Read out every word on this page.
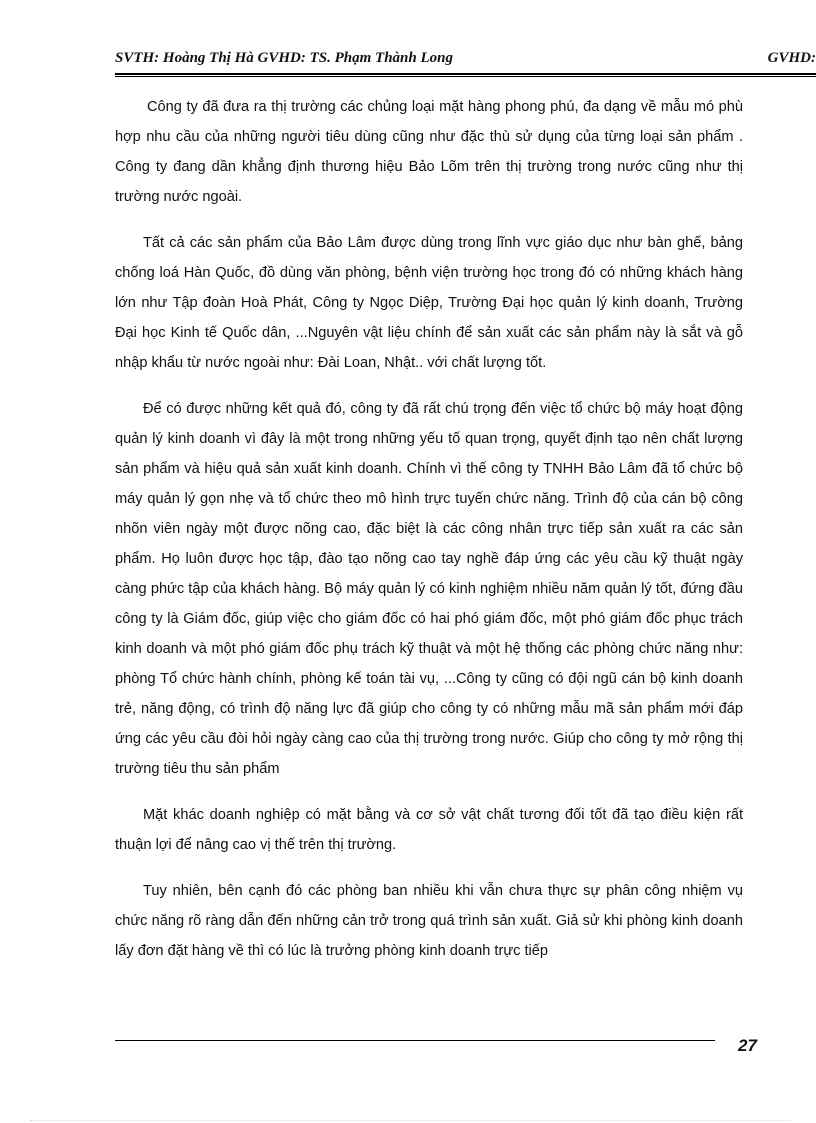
SVTH: Hoàng Thị Hà GVHD: TS. Phạm Thành Long	GVHD:

Công ty đã đưa ra thị trường các chủng loại mặt hàng phong phú, đa dạng về mẫu mó phù hợp nhu cầu của những người tiêu dùng cũng như đặc thù sử dụng của từng loại sản phẩm . Công ty đang dần khẳng định thương hiệu Bảo Lõm trên thị trường trong nước cũng như thị trường nước ngoài.

Tất cả các sản phẩm của Bảo Lâm được dùng trong lĩnh vực giáo dục như bàn ghế, bảng chống loá Hàn Quốc, đồ dùng văn phòng, bệnh viện trường học trong đó có những khách hàng lớn như Tập đoàn Hoà Phát, Công ty Ngọc Diệp, Trường Đại học quản lý kinh doanh, Trường Đại học Kinh tế Quốc dân, ...Nguyên vật liệu chính để sản xuất các sản phẩm này là sắt và gỗ nhập khẩu từ nước ngoài như: Đài Loan, Nhật.. với chất lượng tốt.

Để có được những kết quả đó, công ty đã rất chú trọng đến việc tổ chức bộ máy hoạt động quản lý kinh doanh vì đây là một trong những yếu tố quan trọng, quyết định tạo nên chất lượng sản phẩm và hiệu quả sản xuất kinh doanh. Chính vì thế công ty TNHH Bảo Lâm đã tổ chức bộ máy quản lý gọn nhẹ và tổ chức theo mô hình trực tuyến chức năng. Trình độ của cán bộ công nhõn viên ngày một được nõng cao, đặc biệt là các công nhân trực tiếp sản xuất ra các sản phẩm. Họ luôn được học tập, đào tạo nõng cao tay nghề đáp ứng các yêu cầu kỹ thuật ngày càng phức tập của khách hàng. Bộ máy quản lý có kinh nghiệm nhiều năm quản lý tốt, đứng đầu công ty là Giám đốc, giúp việc cho giám đốc có hai phó giám đốc, một phó giám đốc phục trách kinh doanh và một phó giám đốc phụ trách kỹ thuật và một hệ thống các phòng chức năng như: phòng Tổ chức hành chính, phòng kế toán tài vụ, ...Công ty cũng có đội ngũ cán bộ kinh doanh trẻ, năng động, có trình độ năng lực đã giúp cho công ty có những mẫu mã sản phẩm mới đáp ứng các yêu cầu đòi hỏi ngày càng cao của thị trường trong nước. Giúp cho công ty mở rộng thị trường tiêu thu sản phẩm

Mặt khác doanh nghiệp có mặt bằng và cơ sở vật chất tương đối tốt đã tạo điều kiện rất thuận lợi để nâng cao vị thế trên thị trường.

Tuy nhiên, bên cạnh đó các phòng ban nhiều khi vẫn chưa thực sự phân công nhiệm vụ chức năng rõ ràng dẫn đến những cản trở trong quá trình sản xuất. Giả sử khi phòng kinh doanh lấy đơn đặt hàng về thì có lúc là trưởng phòng kinh doanh trực tiếp

27
